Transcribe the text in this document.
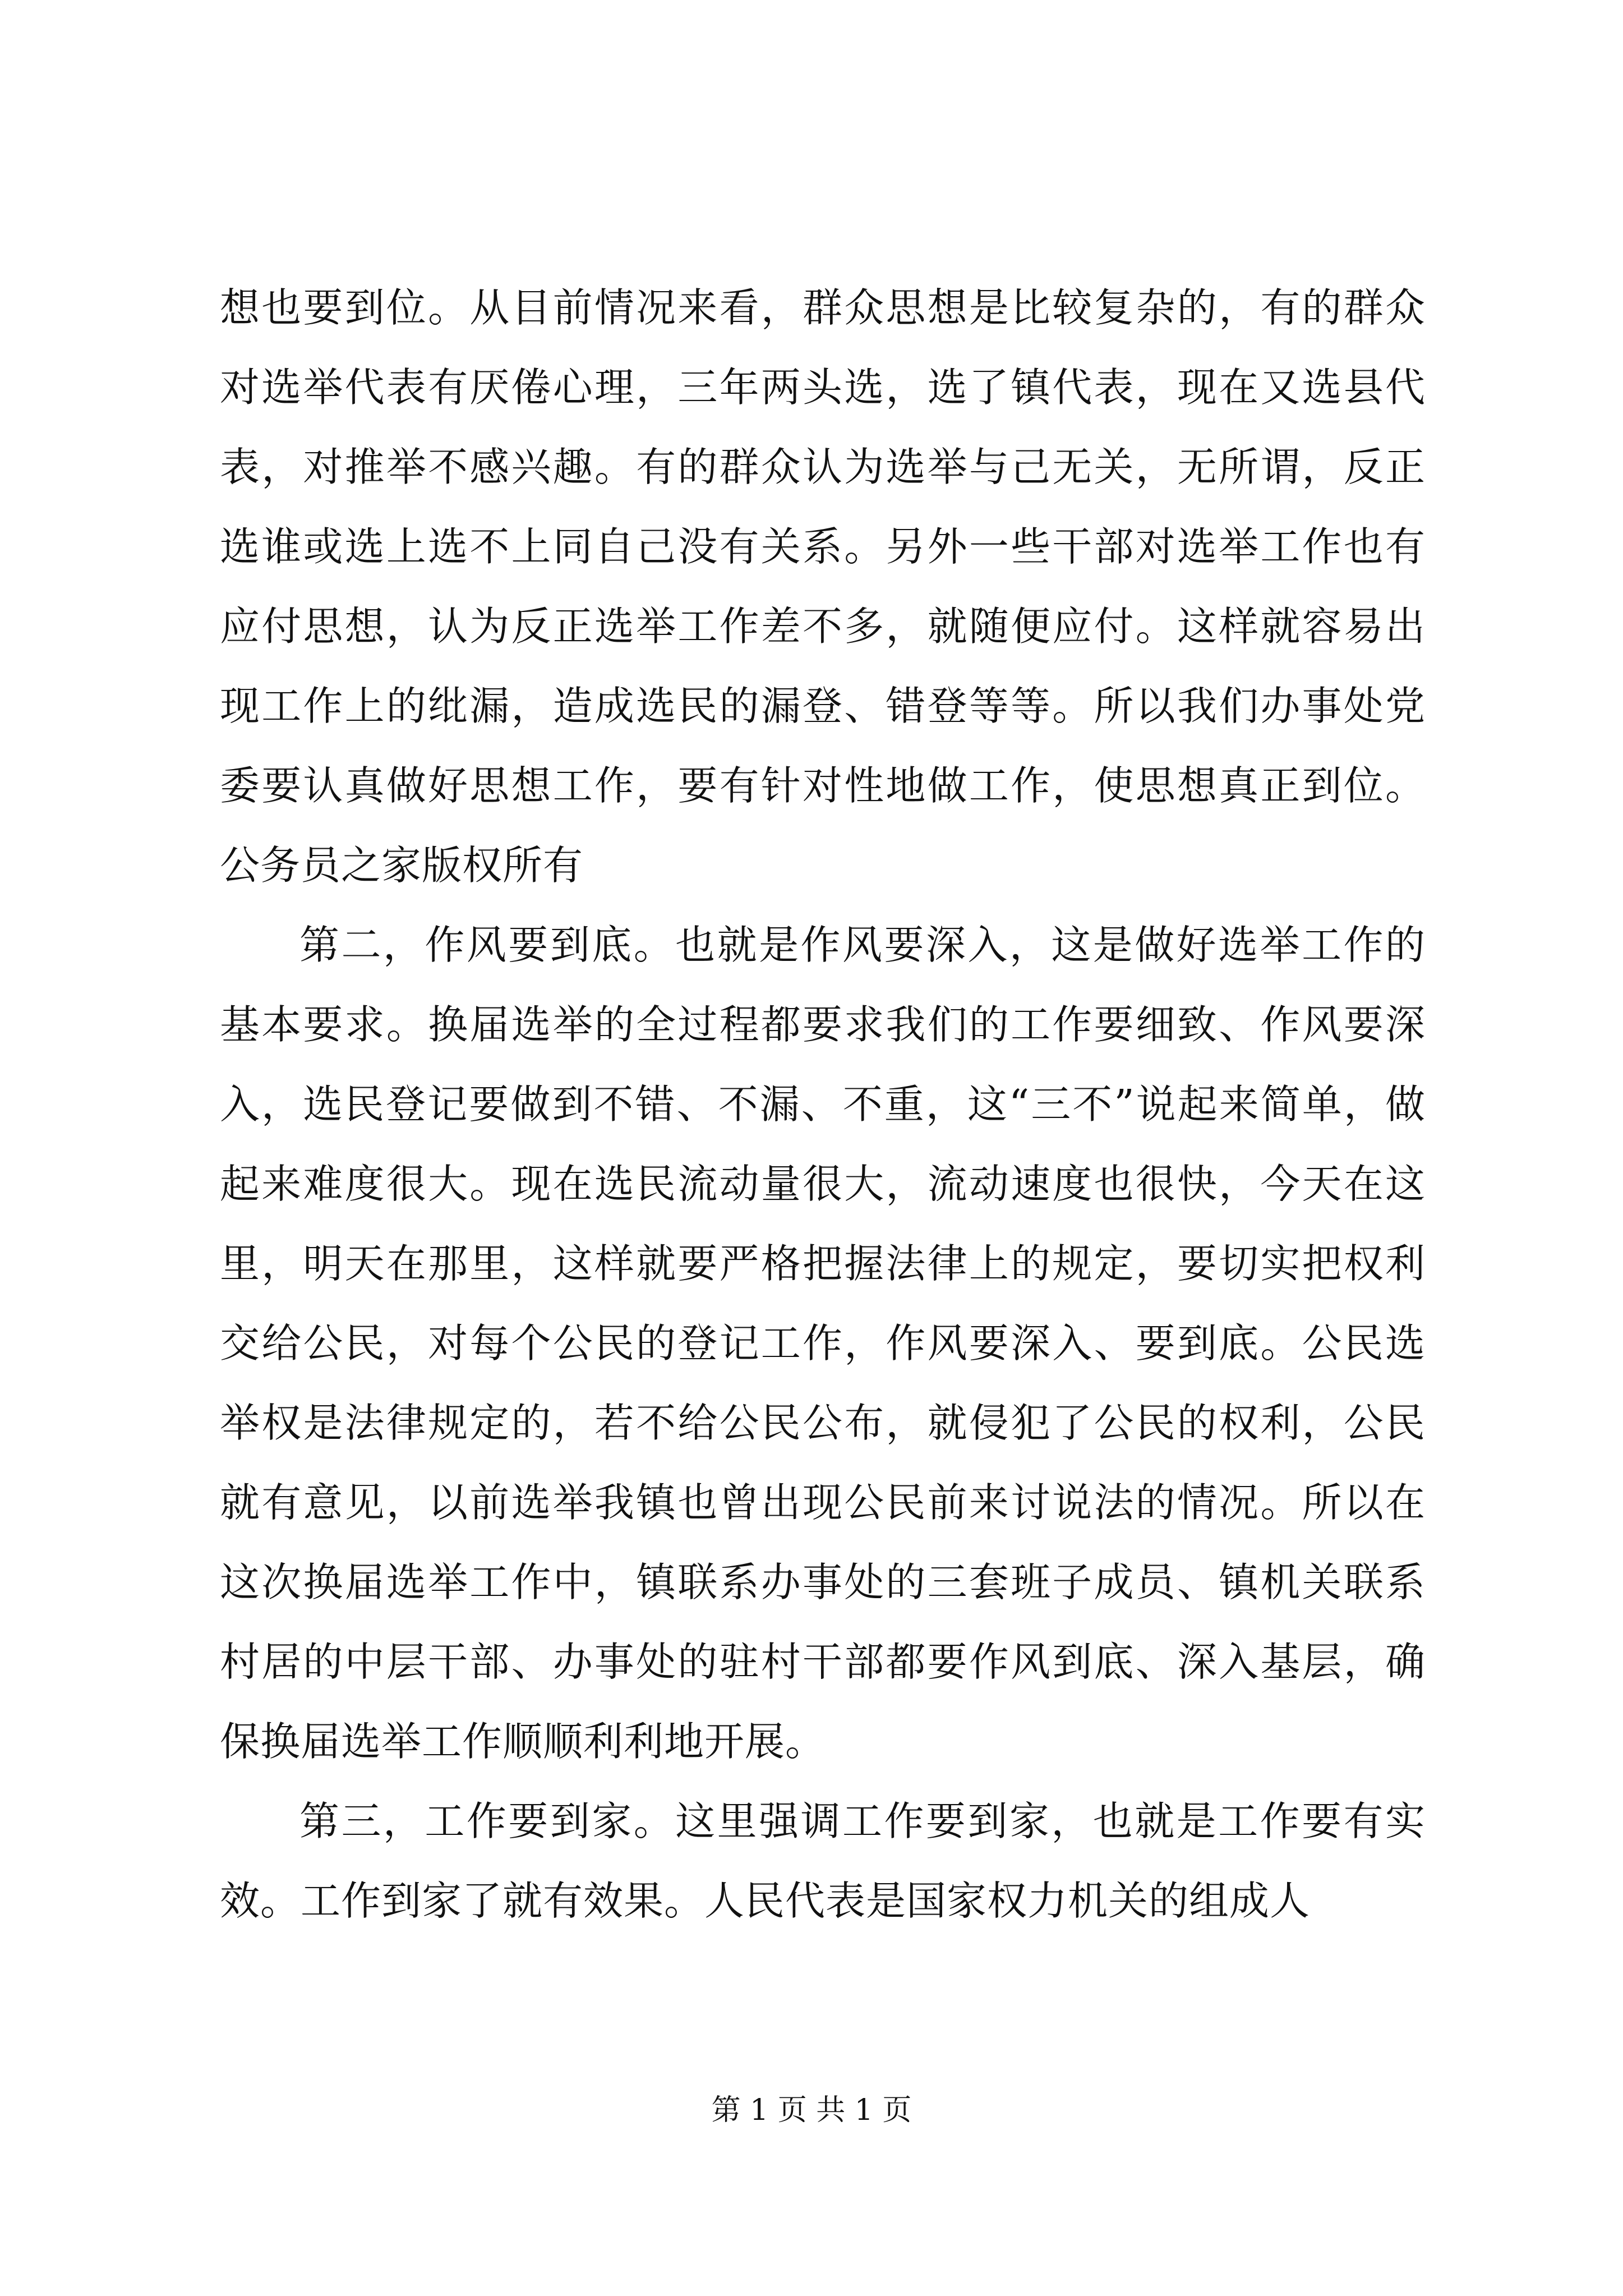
想也要到位。从目前情况来看，群众思想是比较复杂的，有的群众对选举代表有厌倦心理，三年两头选，选了镇代表，现在又选县代表，对推举不感兴趣。有的群众认为选举与己无关，无所谓，反正选谁或选上选不上同自己没有关系。另外一些干部对选举工作也有应付思想，认为反正选举工作差不多，就随便应付。这样就容易出现工作上的纰漏，造成选民的漏登、错登等等。所以我们办事处党委要认真做好思想工作，要有针对性地做工作，使思想真正到位。公务员之家版权所有

第二，作风要到底。也就是作风要深入，这是做好选举工作的基本要求。换届选举的全过程都要求我们的工作要细致、作风要深入，选民登记要做到不错、不漏、不重，这“三不”说起来简单，做起来难度很大。现在选民流动量很大，流动速度也很快，今天在这里，明天在那里，这样就要严格把握法律上的规定，要切实把权利交给公民，对每个公民的登记工作，作风要深入、要到底。公民选举权是法律规定的，若不给公民公布，就侵犯了公民的权利，公民就有意见，以前选举我镇也曾出现公民前来讨说法的情况。所以在这次换届选举工作中，镇联系办事处的三套班子成员、镇机关联系村居的中层干部、办事处的驻村干部都要作风到底、深入基层，确保换届选举工作顺顺利利地开展。

第三，工作要到家。这里强调工作要到家，也就是工作要有实效。工作到家了就有效果。人民代表是国家权力机关的组成人

第 1 页 共 1 页
